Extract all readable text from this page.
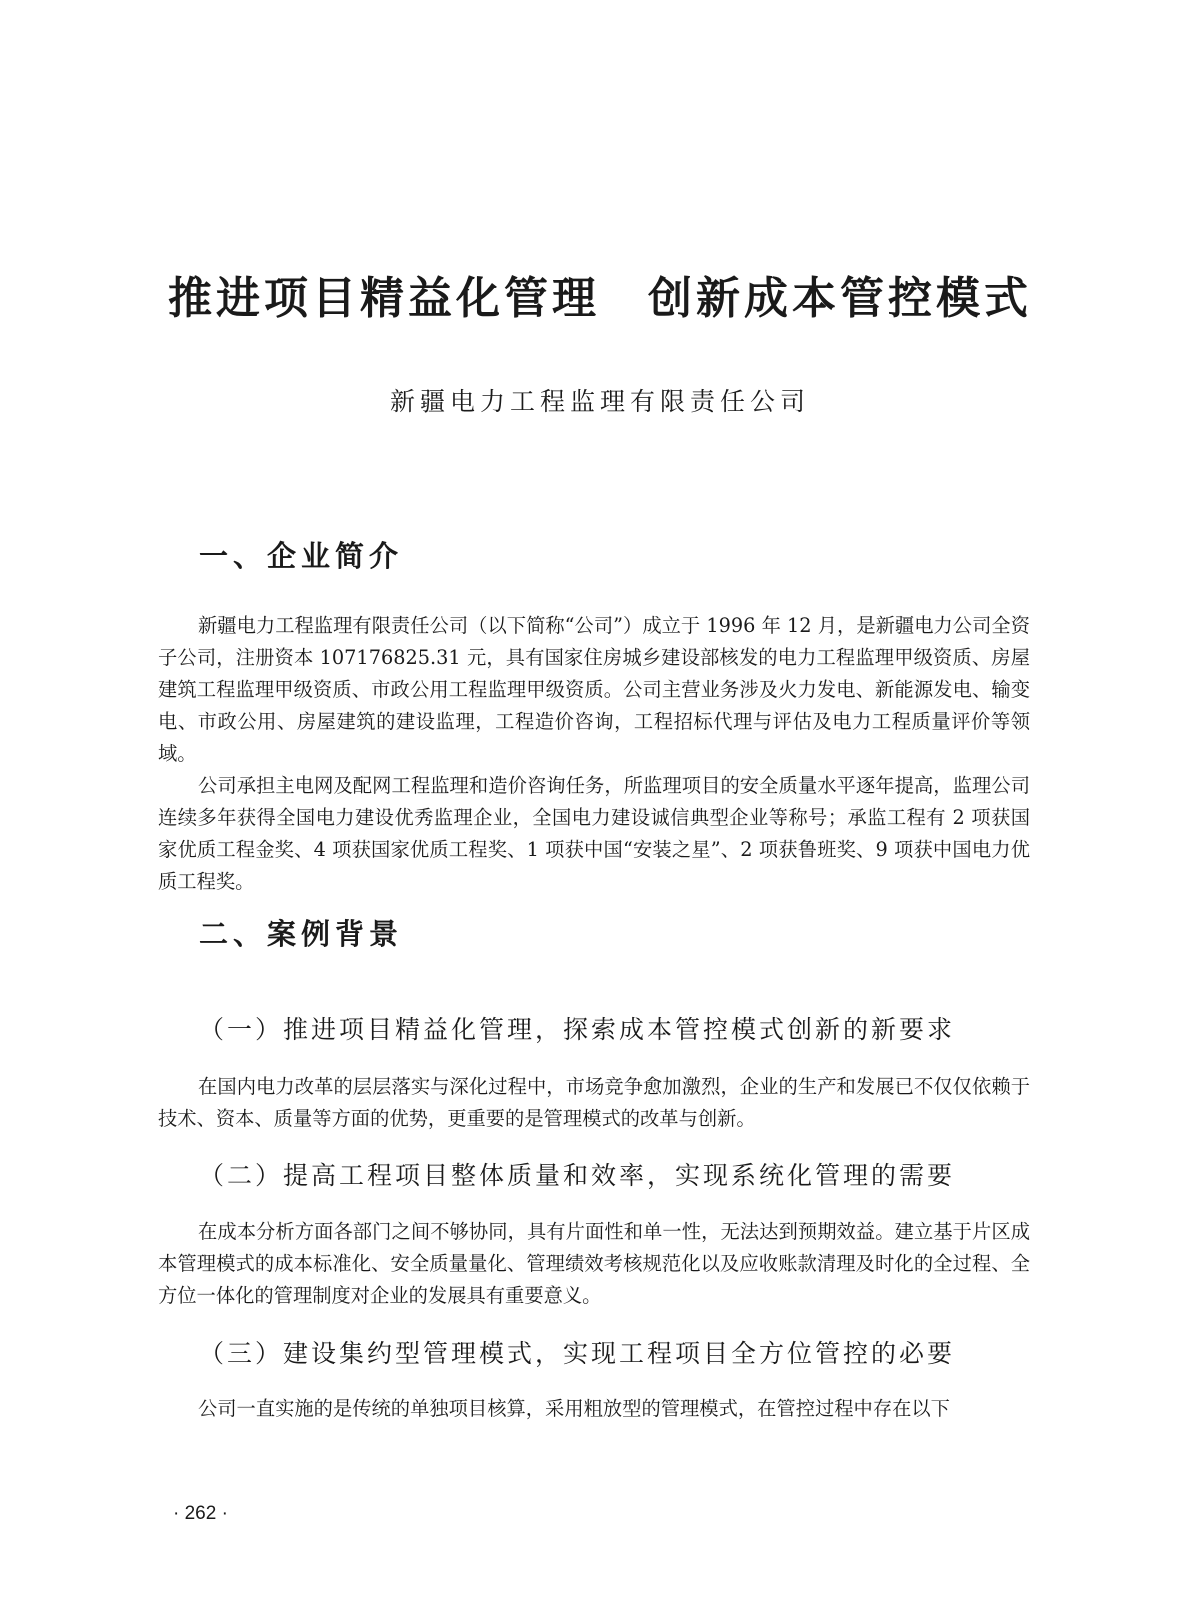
推进项目精益化管理　创新成本管控模式
新疆电力工程监理有限责任公司
一、企业简介

新疆电力工程监理有限责任公司（以下简称“公司”）成立于 1996 年 12 月，是新疆电力公司全资子公司，注册资本 107176825.31 元，具有国家住房城乡建设部核发的电力工程监理甲级资质、房屋建筑工程监理甲级资质、市政公用工程监理甲级资质。公司主营业务涉及火力发电、新能源发电、输变电、市政公用、房屋建筑的建设监理，工程造价咨询，工程招标代理与评估及电力工程质量评价等领域。

公司承担主电网及配网工程监理和造价咨询任务，所监理项目的安全质量水平逐年提高，监理公司连续多年获得全国电力建设优秀监理企业，全国电力建设诚信典型企业等称号；承监工程有 2 项获国家优质工程金奖、4 项获国家优质工程奖、1 项获中国“安装之星”、2 项获鲁班奖、9 项获中国电力优质工程奖。

二、案例背景
（一）推进项目精益化管理，探索成本管控模式创新的新要求

在国内电力改革的层层落实与深化过程中，市场竞争愈加激烈，企业的生产和发展已不仅仅依赖于技术、资本、质量等方面的优势，更重要的是管理模式的改革与创新。

（二）提高工程项目整体质量和效率，实现系统化管理的需要

在成本分析方面各部门之间不够协同，具有片面性和单一性，无法达到预期效益。建立基于片区成本管理模式的成本标准化、安全质量量化、管理绩效考核规范化以及应收账款清理及时化的全过程、全方位一体化的管理制度对企业的发展具有重要意义。

（三）建设集约型管理模式，实现工程项目全方位管控的必要

公司一直实施的是传统的单独项目核算，采用粗放型的管理模式，在管控过程中存在以下

· 262 ·
